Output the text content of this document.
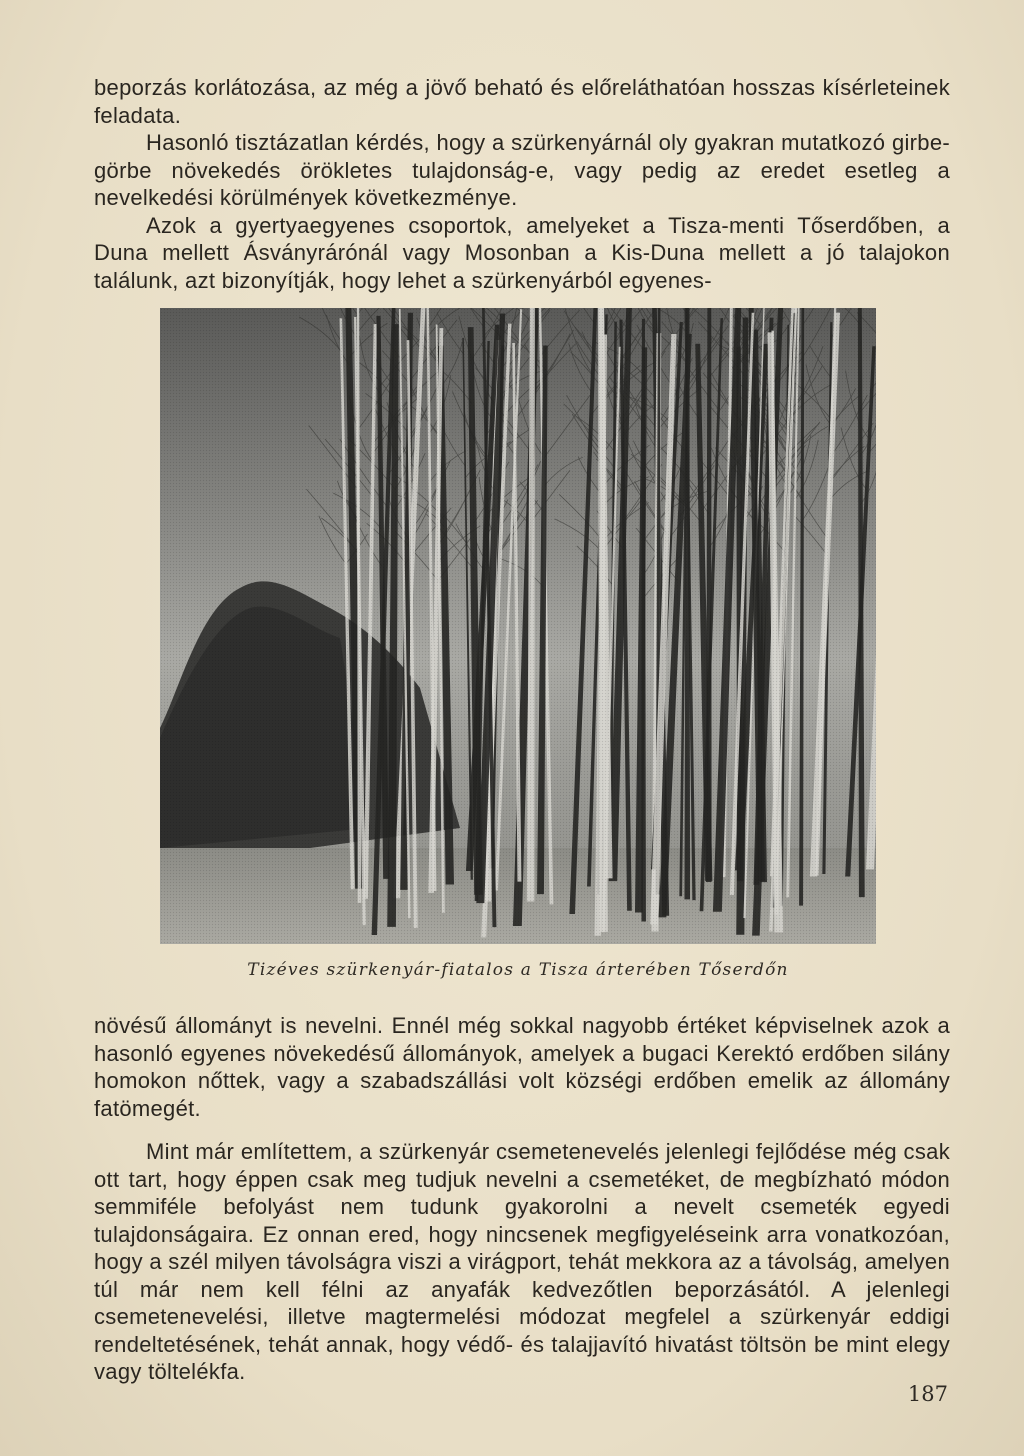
beporzás korlátozása, az még a jövő beható és előreláthatóan hosszas kísérleteinek feladata.

Hasonló tisztázatlan kérdés, hogy a szürkenyárnál oly gyakran mutatkozó girbe-görbe növekedés örökletes tulajdonság-e, vagy pedig az eredet esetleg a nevelkedési körülmények következménye.

Azok a gyertyaegyenes csoportok, amelyeket a Tisza-menti Tőserdőben, a Duna mellett Ásványrárónál vagy Mosonban a Kis-Duna mellett a jó talajokon találunk, azt bizonyítják, hogy lehet a szürkenyárból egyenes-

Tizéves szürkenyár-fiatalos a Tisza árterében Tőserdőn

növésű állományt is nevelni. Ennél még sokkal nagyobb értéket képviselnek azok a hasonló egyenes növekedésű állományok, amelyek a bugaci Kerektó erdőben silány homokon nőttek, vagy a szabadszállási volt községi erdőben emelik az állomány fatömegét.

Mint már említettem, a szürkenyár csemetenevelés jelenlegi fejlődése még csak ott tart, hogy éppen csak meg tudjuk nevelni a csemetéket, de megbízható módon semmiféle befolyást nem tudunk gyakorolni a nevelt csemeték egyedi tulajdonságaira. Ez onnan ered, hogy nincsenek megfigyeléseink arra vonatkozóan, hogy a szél milyen távolságra viszi a virágport, tehát mekkora az a távolság, amelyen túl már nem kell félni az anyafák kedvezőtlen beporzásától. A jelenlegi csemetenevelési, illetve magtermelési módozat megfelel a szürkenyár eddigi rendeltetésének, tehát annak, hogy védő- és talajjavító hivatást töltsön be mint elegy vagy töltelékfa.

187
